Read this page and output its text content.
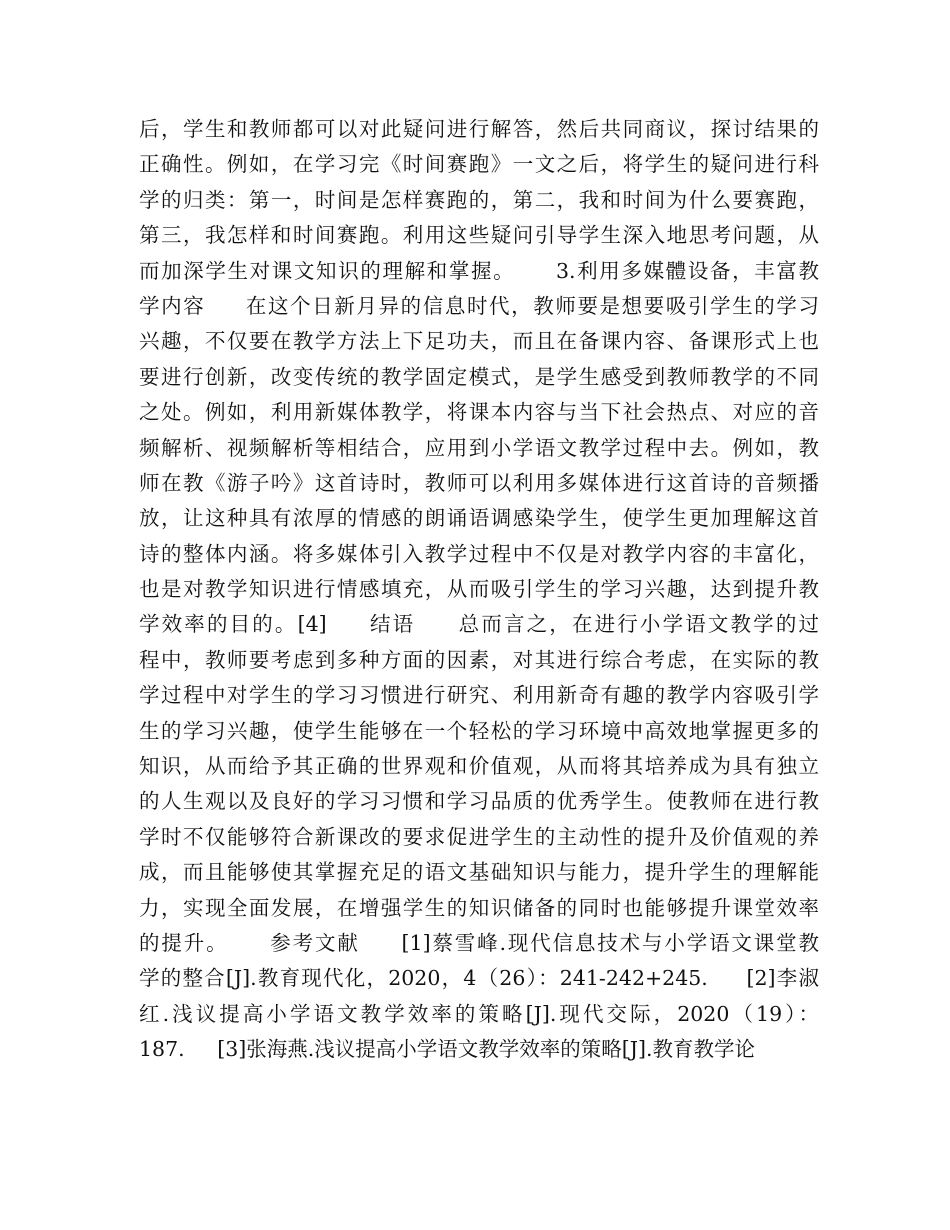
后，学生和教师都可以对此疑问进行解答，然后共同商议，探讨结果的
正确性。例如，在学习完《时间赛跑》一文之后，将学生的疑问进行科
学的归类：第一，时间是怎样赛跑的，第二，我和时间为什么要赛跑，
第三，我怎样和时间赛跑。利用这些疑问引导学生深入地思考问题，从
而加深学生对课文知识的理解和掌握。     3.利用多媒體设备，丰富教
学内容     在这个日新月异的信息时代，教师要是想要吸引学生的学习
兴趣，不仅要在教学方法上下足功夫，而且在备课内容、备课形式上也
要进行创新，改变传统的教学固定模式，是学生感受到教师教学的不同
之处。例如，利用新媒体教学，将课本内容与当下社会热点、对应的音
频解析、视频解析等相结合，应用到小学语文教学过程中去。例如，教
师在教《游子吟》这首诗时，教师可以利用多媒体进行这首诗的音频播
放，让这种具有浓厚的情感的朗诵语调感染学生，使学生更加理解这首
诗的整体内涵。将多媒体引入教学过程中不仅是对教学内容的丰富化，
也是对教学知识进行情感填充，从而吸引学生的学习兴趣，达到提升教
学效率的目的。[4]     结语     总而言之，在进行小学语文教学的过
程中，教师要考虑到多种方面的因素，对其进行综合考虑，在实际的教
学过程中对学生的学习习惯进行研究、利用新奇有趣的教学内容吸引学
生的学习兴趣，使学生能够在一个轻松的学习环境中高效地掌握更多的
知识，从而给予其正确的世界观和价值观，从而将其培养成为具有独立
的人生观以及良好的学习习惯和学习品质的优秀学生。使教师在进行教
学时不仅能够符合新课改的要求促进学生的主动性的提升及价值观的养
成，而且能够使其掌握充足的语文基础知识与能力，提升学生的理解能
力，实现全面发展，在增强学生的知识储备的同时也能够提升课堂效率
的提升。     参考文献     [1]蔡雪峰.现代信息技术与小学语文课堂教
学的整合[J].教育现代化，2020，4（26）：241-242+245.     [2]李淑
红.浅议提高小学语文教学效率的策略[J].现代交际，2020（19）：
187.     [3]张海燕.浅议提高小学语文教学效率的策略[J].教育教学论
